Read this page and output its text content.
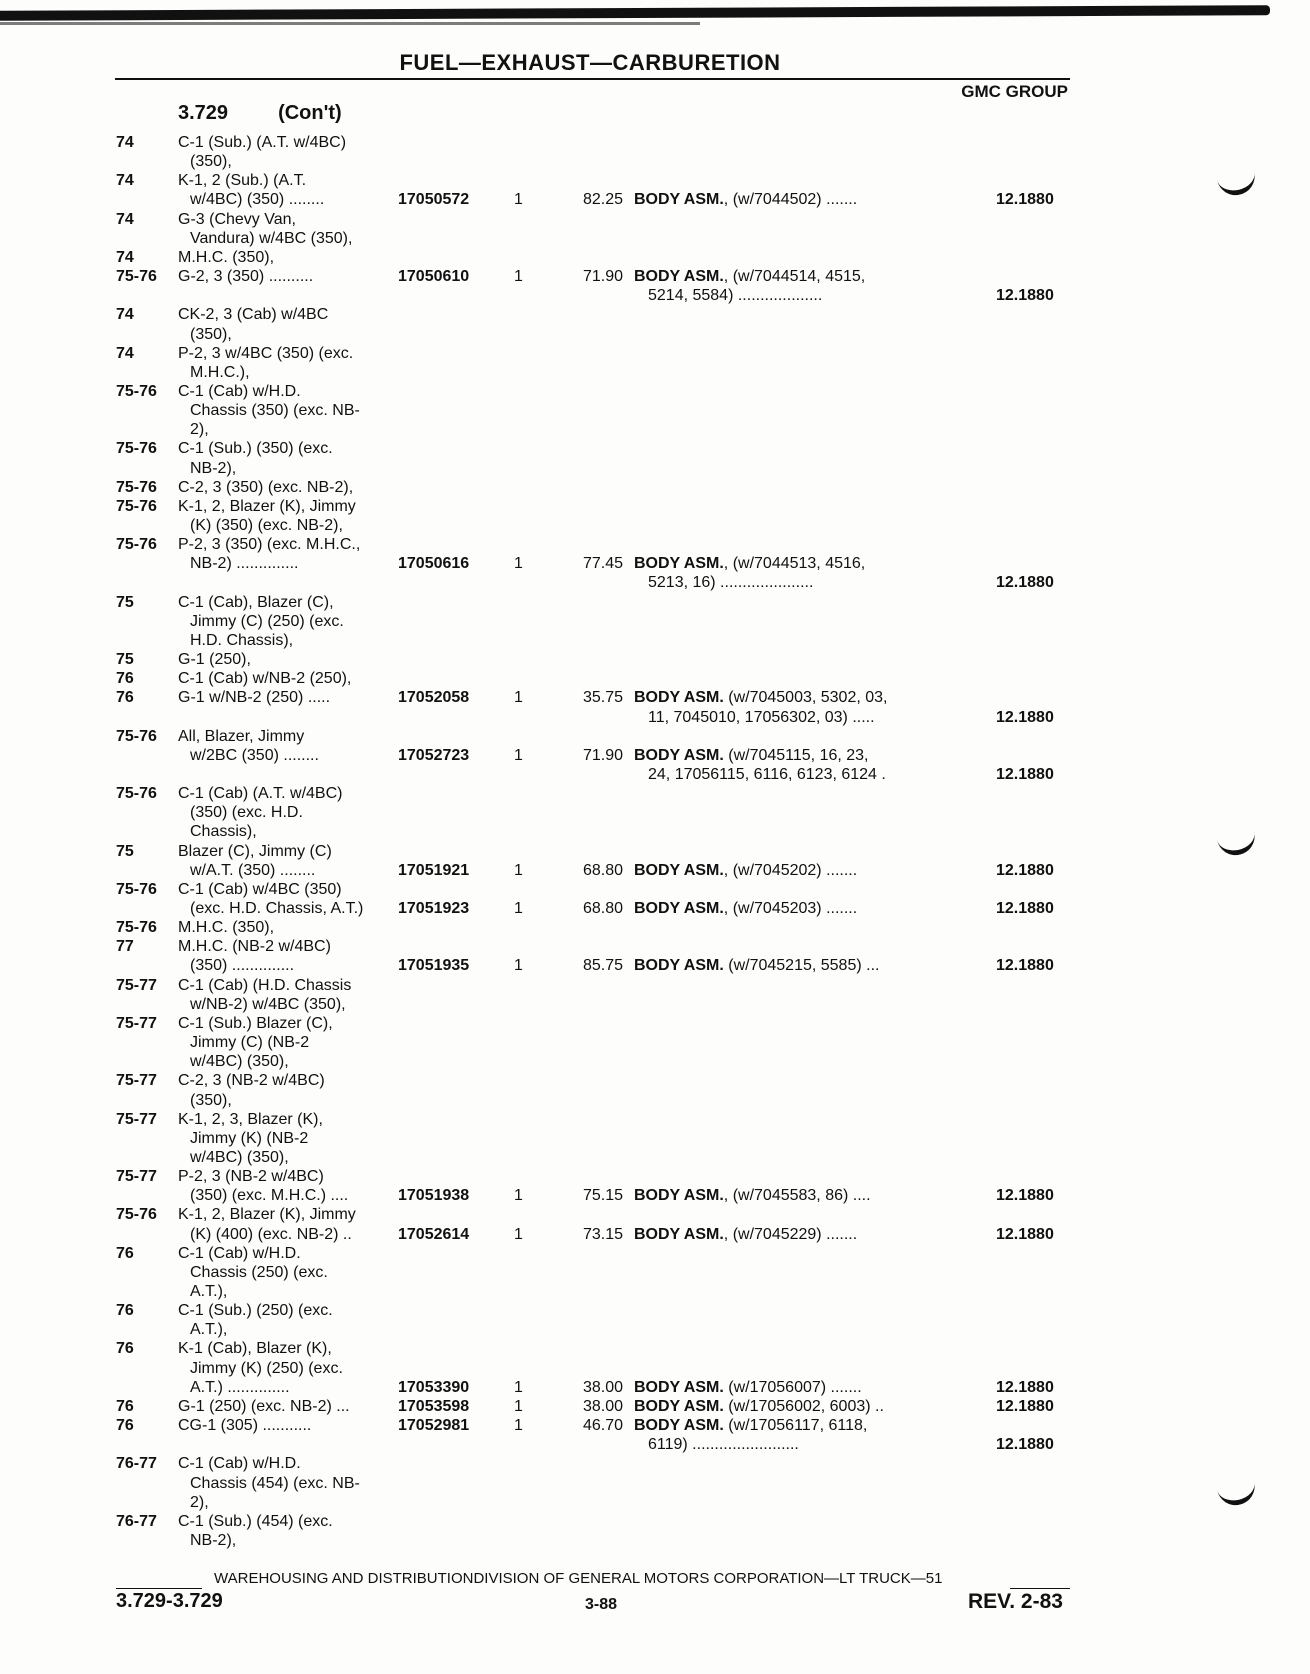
FUEL—EXHAUST—CARBURETION
GMC GROUP
3.729	(Con't)
74	C-1 (Sub.) (A.T. w/4BC)
(350),
74	K-1, 2 (Sub.) (A.T.
w/4BC) (350) ........	17050572	1	82.25 BODY ASM., (w/7044502) .......	12.1880
74	G-3 (Chevy Van,
Vandura) w/4BC (350),
74	M.H.C. (350),
75-76 G-2, 3 (350) ..........	17050610	1	71.90 BODY ASM., (w/7044514, 4515,
5214, 5584) ...................	12.1880
74	CK-2, 3 (Cab) w/4BC
(350),
74	P-2, 3 w/4BC (350) (exc.
M.H.C.),
75-76 C-1 (Cab) w/H.D.
Chassis (350) (exc. NB-
2),
75-76 C-1 (Sub.) (350) (exc.
NB-2),
75-76 C-2, 3 (350) (exc. NB-2),
75-76 K-1, 2, Blazer (K), Jimmy
(K) (350) (exc. NB-2),
75-76 P-2, 3 (350) (exc. M.H.C.,
NB-2) ..............	17050616	1	77.45 BODY ASM., (w/7044513, 4516,
5213, 16) .....................	12.1880
75	C-1 (Cab), Blazer (C),
Jimmy (C) (250) (exc.
H.D. Chassis),
75	G-1 (250),
76	C-1 (Cab) w/NB-2 (250),
76	G-1 w/NB-2 (250) .....	17052058	1	35.75 BODY ASM. (w/7045003, 5302, 03,
11, 7045010, 17056302, 03) .....	12.1880
75-76 All, Blazer, Jimmy
w/2BC (350) ........	17052723	1	71.90 BODY ASM. (w/7045115, 16, 23,
24, 17056115, 6116, 6123, 6124 .	12.1880
75-76 C-1 (Cab) (A.T. w/4BC)
(350) (exc. H.D.
Chassis),
75	Blazer (C), Jimmy (C)
w/A.T. (350) ........	17051921	1	68.80 BODY ASM., (w/7045202) .......	12.1880
75-76 C-1 (Cab) w/4BC (350)
(exc. H.D. Chassis, A.T.) 17051923	1	68.80 BODY ASM., (w/7045203) .......	12.1880
75-76 M.H.C. (350),
77	M.H.C. (NB-2 w/4BC)
(350) ..............	17051935	1	85.75 BODY ASM. (w/7045215, 5585) ...	12.1880
75-77 C-1 (Cab) (H.D. Chassis
w/NB-2) w/4BC (350),
75-77 C-1 (Sub.) Blazer (C),
Jimmy (C) (NB-2
w/4BC) (350),
75-77 C-2, 3 (NB-2 w/4BC)
(350),
75-77 K-1, 2, 3, Blazer (K),
Jimmy (K) (NB-2
w/4BC) (350),
75-77 P-2, 3 (NB-2 w/4BC)
(350) (exc. M.H.C.) ....	17051938	1	75.15 BODY ASM., (w/7045583, 86) ....	12.1880
75-76 K-1, 2, Blazer (K), Jimmy
(K) (400) (exc. NB-2) ..	17052614	1	73.15 BODY ASM., (w/7045229) .......	12.1880
76	C-1 (Cab) w/H.D.
Chassis (250) (exc.
A.T.),
76	C-1 (Sub.) (250) (exc.
A.T.),
76	K-1 (Cab), Blazer (K),
Jimmy (K) (250) (exc.
A.T.) ..............	17053390	1	38.00 BODY ASM. (w/17056007) .......	12.1880
76	G-1 (250) (exc. NB-2) ...	17053598	1	38.00 BODY ASM. (w/17056002, 6003) ..	12.1880
76	CG-1 (305) ...........	17052981	1	46.70 BODY ASM. (w/17056117, 6118,
6119) ........................	12.1880
76-77 C-1 (Cab) w/H.D.
Chassis (454) (exc. NB-
2),
76-77 C-1 (Sub.) (454) (exc.
NB-2),
WAREHOUSING AND DISTRIBUTIONDIVISION OF GENERAL MOTORS CORPORATION—LT TRUCK—51
3.729-3.729	3-88	REV. 2-83
